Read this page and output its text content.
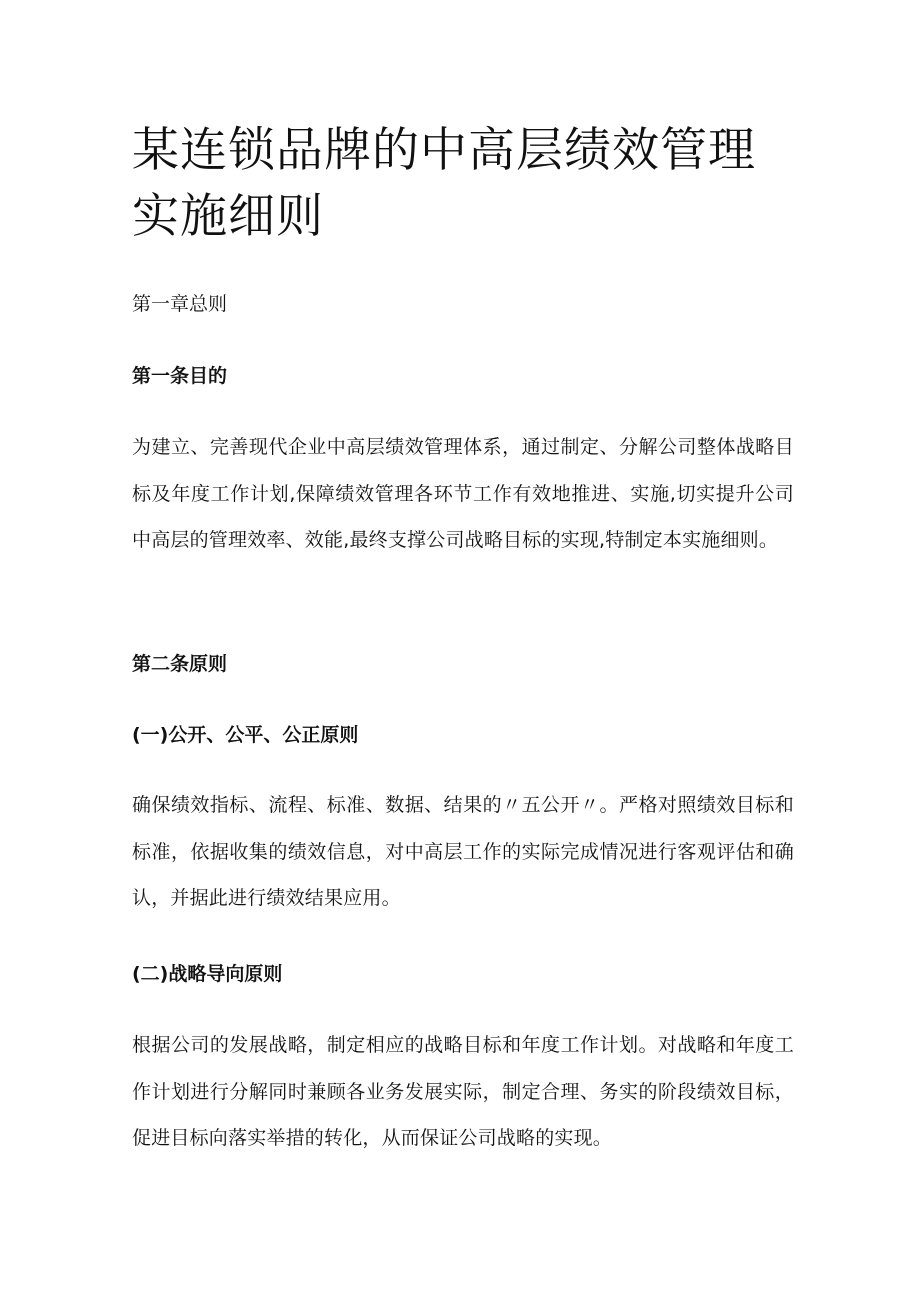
某连锁品牌的中高层绩效管理实施细则

第一章总则

第一条目的

为建立、完善现代企业中高层绩效管理体系，通过制定、分解公司整体战略目标及年度工作计划,保障绩效管理各环节工作有效地推进、实施,切实提升公司中高层的管理效率、效能,最终支撑公司战略目标的实现,特制定本实施细则。

第二条原则

(一)公开、公平、公正原则

确保绩效指标、流程、标准、数据、结果的〃五公开〃。严格对照绩效目标和标准，依据收集的绩效信息，对中高层工作的实际完成情况进行客观评估和确认，并据此进行绩效结果应用。

(二)战略导向原则

根据公司的发展战略，制定相应的战略目标和年度工作计划。对战略和年度工作计划进行分解同时兼顾各业务发展实际，制定合理、务实的阶段绩效目标，促进目标向落实举措的转化，从而保证公司战略的实现。
